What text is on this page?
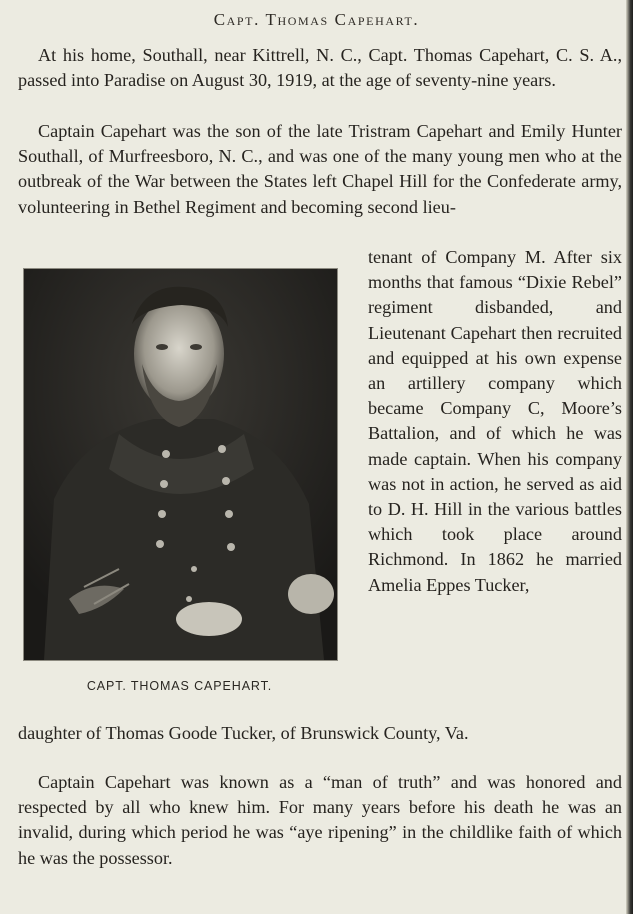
Capt. Thomas Capehart.

At his home, Southall, near Kittrell, N. C., Capt. Thomas Capehart, C. S. A., passed into Paradise on August 30, 1919, at the age of seventy-nine years.

Captain Capehart was the son of the late Tristram Capehart and Emily Hunter Southall, of Murfreesboro, N. C., and was one of the many young men who at the outbreak of the War between the States left Chapel Hill for the Confederate army, volunteering in Bethel Regiment and becoming second lieu-

CAPT. THOMAS CAPEHART.

tenant of Company M. After six months that famous “Dixie Rebel” regiment disbanded, and Lieutenant Capehart then recruited and equipped at his own expense an artillery company which became Company C, Moore’s Battalion, and of which he was made captain. When his company was not in action, he served as aid to D. H. Hill in the various battles which took place around Richmond. In 1862 he married Amelia Eppes Tucker,

daughter of Thomas Goode Tucker, of Brunswick County, Va.

Captain Capehart was known as a “man of truth” and was honored and respected by all who knew him. For many years before his death he was an invalid, during which period he was “aye ripening” in the childlike faith of which he was the possessor.
